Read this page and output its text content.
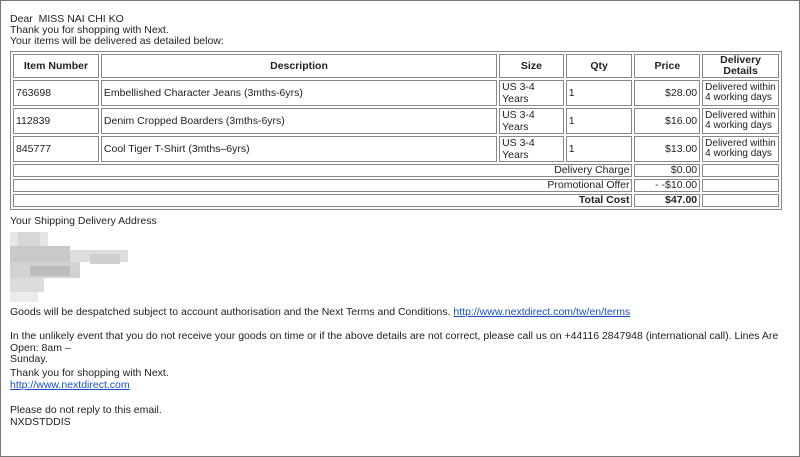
Dear MISS NAI CHI KO
Thank you for shopping with Next.
Your items will be delivered as detailed below:
Item Number	Description	Size	Qty	Price	Delivery Details
763698	Embellished Character Jeans (3mths-6yrs)	US 3-4 Years	1	$28.00	Delivered within 4 working days
112839	Denim Cropped Boarders (3mths-6yrs)	US 3-4 Years	1	$16.00	Delivered within 4 working days
845777	Cool Tiger T-Shirt (3mths–6yrs)	US 3-4 Years	1	$13.00	Delivered within 4 working days
Delivery Charge				$0.00	
Promotional Offer				- -$10.00	
Total Cost				$47.00	
Your Shipping Delivery Address
Goods will be despatched subject to account authorisation and the Next Terms and Conditions. http://www.nextdirect.com/tw/en/terms
In the unlikely event that you do not receive your goods on time or if the above details are not correct, please call us on +44116 2847948 (international call). Lines Are Open: 8am –
Sunday.
Thank you for shopping with Next.
http://www.nextdirect.com
Please do not reply to this email.
NXDSTDDIS
